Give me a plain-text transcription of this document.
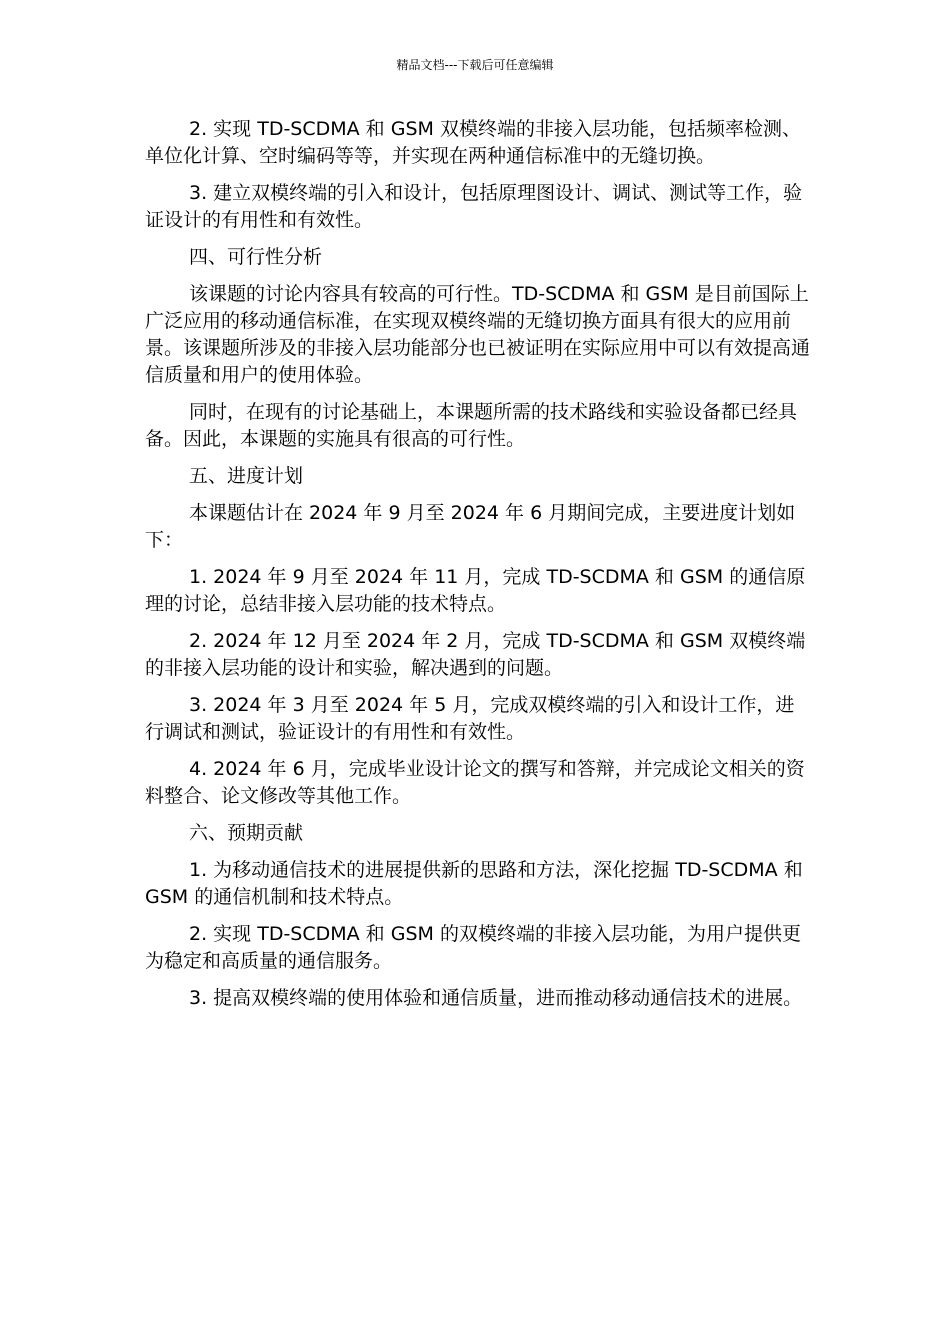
精品文档---下载后可任意编辑

2. 实现 TD-SCDMA 和 GSM 双模终端的非接入层功能，包括频率检测、单位化计算、空时编码等等，并实现在两种通信标准中的无缝切换。

3. 建立双模终端的引入和设计，包括原理图设计、调试、测试等工作，验证设计的有用性和有效性。

四、可行性分析

该课题的讨论内容具有较高的可行性。TD-SCDMA 和 GSM 是目前国际上广泛应用的移动通信标准，在实现双模终端的无缝切换方面具有很大的应用前景。该课题所涉及的非接入层功能部分也已被证明在实际应用中可以有效提高通信质量和用户的使用体验。

同时，在现有的讨论基础上，本课题所需的技术路线和实验设备都已经具备。因此，本课题的实施具有很高的可行性。

五、进度计划

本课题估计在 2024 年 9 月至 2024 年 6 月期间完成，主要进度计划如下：

1. 2024 年 9 月至 2024 年 11 月，完成 TD-SCDMA 和 GSM 的通信原理的讨论，总结非接入层功能的技术特点。

2. 2024 年 12 月至 2024 年 2 月，完成 TD-SCDMA 和 GSM 双模终端的非接入层功能的设计和实验，解决遇到的问题。

3. 2024 年 3 月至 2024 年 5 月，完成双模终端的引入和设计工作，进行调试和测试，验证设计的有用性和有效性。

4. 2024 年 6 月，完成毕业设计论文的撰写和答辩，并完成论文相关的资料整合、论文修改等其他工作。

六、预期贡献

1. 为移动通信技术的进展提供新的思路和方法，深化挖掘 TD-SCDMA 和 GSM 的通信机制和技术特点。

2. 实现 TD-SCDMA 和 GSM 的双模终端的非接入层功能，为用户提供更为稳定和高质量的通信服务。

3. 提高双模终端的使用体验和通信质量，进而推动移动通信技术的进展。
